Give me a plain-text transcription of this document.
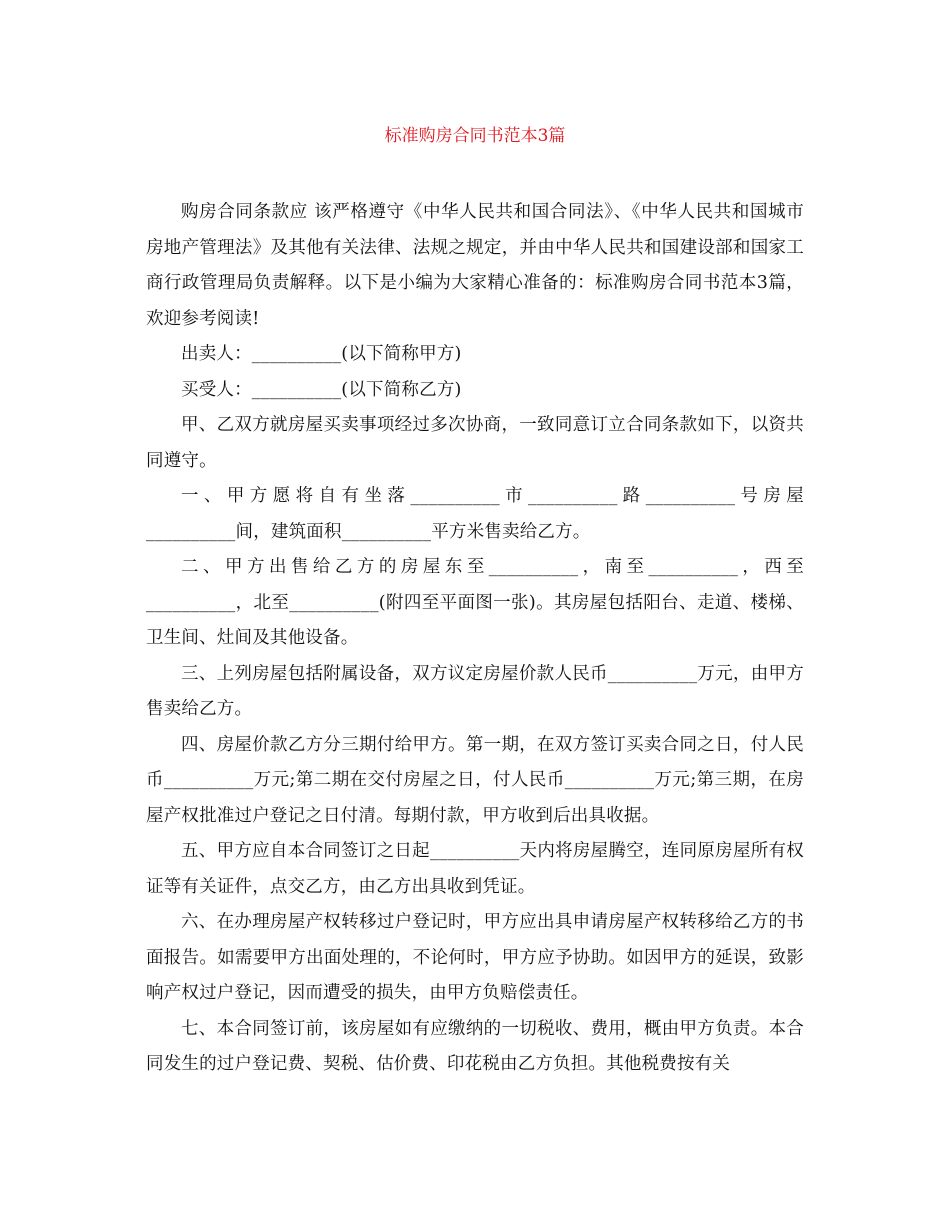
标准购房合同书范本3篇

购房合同条款应 该严格遵守《中华人民共和国合同法》、《中华人民共和国城市房地产管理法》及其他有关法律、法规之规定，并由中华人民共和国建设部和国家工商行政管理局负责解释。以下是小编为大家精心准备的：标准购房合同书范本3篇，欢迎参考阅读!

出卖人：__________(以下简称甲方)

买受人：__________(以下简称乙方)

甲、乙双方就房屋买卖事项经过多次协商，一致同意订立合同条款如下，以资共同遵守。

一、甲方愿将自有坐落__________市__________路__________号房屋__________间，建筑面积__________平方米售卖给乙方。

二、甲方出售给乙方的房屋东至__________，南至__________，西至__________，北至__________(附四至平面图一张)。其房屋包括阳台、走道、楼梯、卫生间、灶间及其他设备。

三、上列房屋包括附属设备，双方议定房屋价款人民币__________万元，由甲方售卖给乙方。

四、房屋价款乙方分三期付给甲方。第一期，在双方签订买卖合同之日，付人民币__________万元;第二期在交付房屋之日，付人民币__________万元;第三期，在房屋产权批准过户登记之日付清。每期付款，甲方收到后出具收据。

五、甲方应自本合同签订之日起__________天内将房屋腾空，连同原房屋所有权证等有关证件，点交乙方，由乙方出具收到凭证。

六、在办理房屋产权转移过户登记时，甲方应出具申请房屋产权转移给乙方的书面报告。如需要甲方出面处理的，不论何时，甲方应予协助。如因甲方的延误，致影响产权过户登记，因而遭受的损失，由甲方负赔偿责任。

七、本合同签订前，该房屋如有应缴纳的一切税收、费用，概由甲方负责。本合同发生的过户登记费、契税、估价费、印花税由乙方负担。其他税费按有关
